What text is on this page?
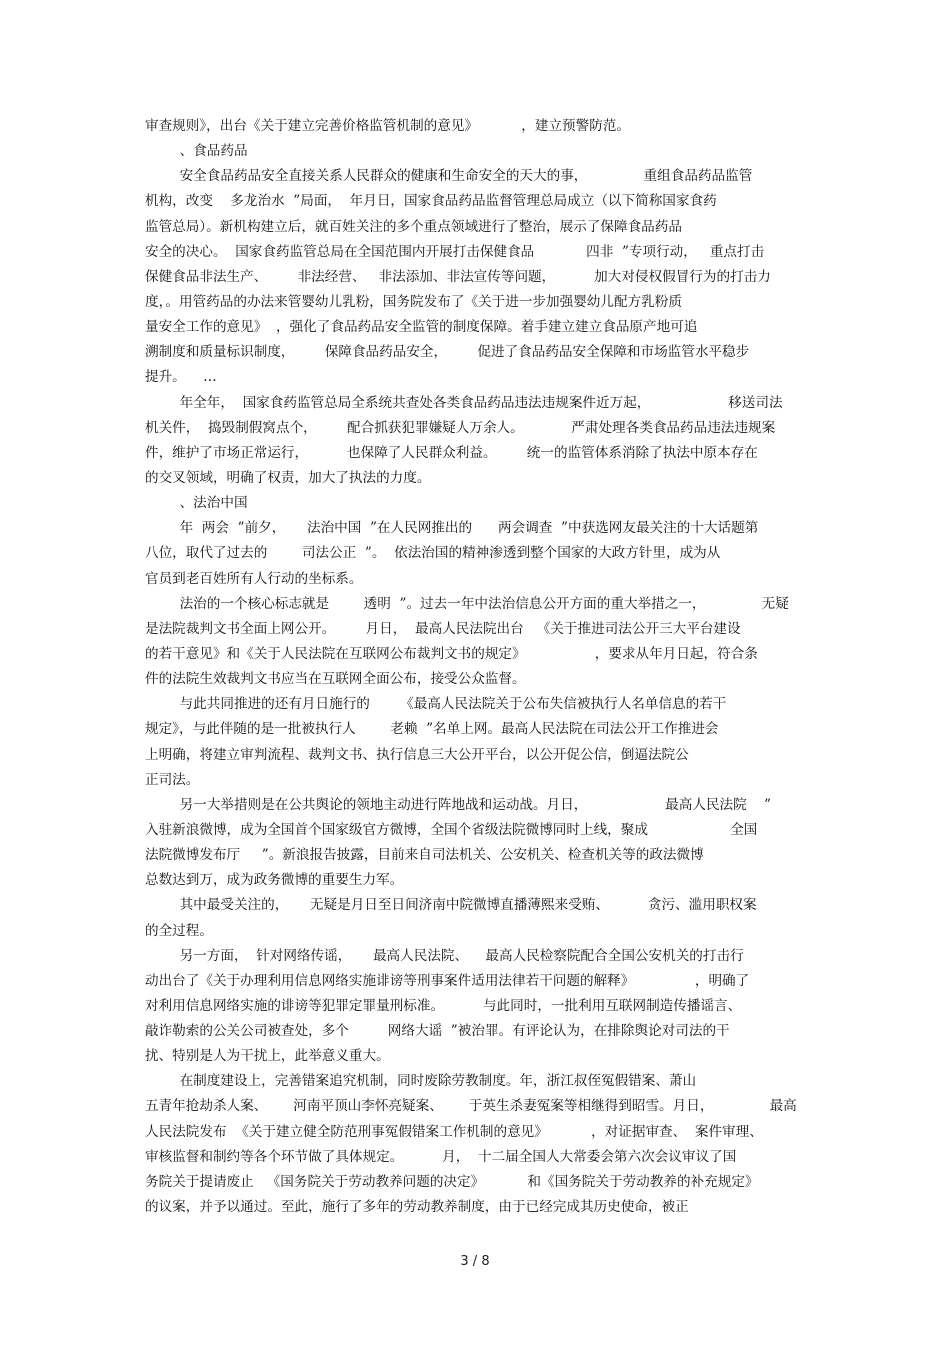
审查规则》，出台《关于建立完善价格监管机制的意见》          ，建立预警防范。
、食品药品
安全食品药品安全直接关系人民群众的健康和生命安全的天大的事，             重组食品药品监管
机构，改变    多龙治水  ”局面，  年月日，国家食品药品监督管理总局成立（以下简称国家食药
监管总局）。新机构建立后，就百姓关注的多个重点领域进行了整治，展示了保障食品药品
安全的决心。  国家食药监管总局在全国范围内开展打击保健食品            四非  ”专项行动，   重点打击
保健食品非法生产、       非法经营、   非法添加、非法宣传等问题，         加大对侵权假冒行为的打击力
度，。用管药品的办法来管婴幼儿乳粉，国务院发布了《关于进一步加强婴幼儿配方乳粉质
量安全工作的意见》  ，强化了食品药品安全监管的制度保障。着手建立建立食品原产地可追
溯制度和质量标识制度，       保障食品药品安全，       促进了食品药品安全保障和市场监管水平稳步
提升。    …
年全年，  国家食药监管总局全系统共查处各类食品药品违法违规案件近万起，                  移送司法
机关件，  捣毁制假窝点个，       配合抓获犯罪嫌疑人万余人。           严肃处理各类食品药品违法违规案
件，维护了市场正常运行，         也保障了人民群众利益。       统一的监管体系消除了执法中原本存在
的交叉领域，明确了权责，加大了执法的力度。
、法治中国
年  两会  ”前夕，     法治中国  ”在人民网推出的      两会调查  ”中获选网友最关注的十大话题第
八位，取代了过去的        司法公正  ”。  依法治国的精神渗透到整个国家的大政方针里，成为从
官员到老百姓所有人行动的坐标系。
法治的一个核心标志就是        透明  ”。过去一年中法治信息公开方面的重大举措之一，             无疑
是法院裁判文书全面上网公开。       月日，  最高人民法院出台   《关于推进司法公开三大平台建设
的若干意见》和《关于人民法院在互联网公布裁判文书的规定》                ，要求从年月日起，符合条
件的法院生效裁判文书应当在互联网全面公布，接受公众监督。
与此共同推进的还有月日施行的       《最高人民法院关于公布失信被执行人名单信息的若干
规定》，与此伴随的是一批被执行人        老赖  ”名单上网。最高人民法院在司法公开工作推进会
上明确，将建立审判流程、裁判文书、执行信息三大公开平台，以公开促公信，倒逼法院公
正司法。
另一大举措则是在公共舆论的领地主动进行阵地战和运动战。月日，                  最高人民法院    ”
入驻新浪微博，成为全国首个国家级官方微博，全国个省级法院微博同时上线，聚成                   全国
法院微博发布厅     ”。新浪报告披露，目前来自司法机关、公安机关、检查机关等的政法微博
总数达到万，成为政务微博的重要生力军。
其中最受关注的，     无疑是月日至日间济南中院微博直播薄熙来受贿、         贪污、滥用职权案
的全过程。
另一方面，  针对网络传谣，     最高人民法院、    最高人民检察院配合全国公安机关的打击行
动出台了《关于办理利用信息网络实施诽谤等刑事案件适用法律若干问题的解释》              ，明确了
对利用信息网络实施的诽谤等犯罪定罪量刑标准。         与此同时，一批利用互联网制造传播谣言、
敲诈勒索的公关公司被查处，多个         网络大谣  ”被治罪。有评论认为，在排除舆论对司法的干
扰、特别是人为干扰上，此举意义重大。
在制度建设上，完善错案追究机制，同时废除劳教制度。年，浙江叔侄冤假错案、萧山
五青年抢劫杀人案、      河南平顶山李怀亮疑案、      于英生杀妻冤案等相继得到昭雪。月日，             最高
人民法院发布  《关于建立健全防范刑事冤假错案工作机制的意见》          ，对证据审查、  案件审理、
审核监督和制约等各个环节做了具体规定。         月，  十二届全国人大常委会第六次会议审议了国
务院关于提请废止   《国务院关于劳动教养问题的决定》          和《国务院关于劳动教养的补充规定》
的议案，并予以通过。至此，施行了多年的劳动教养制度，由于已经完成其历史使命，被正
3 / 8
